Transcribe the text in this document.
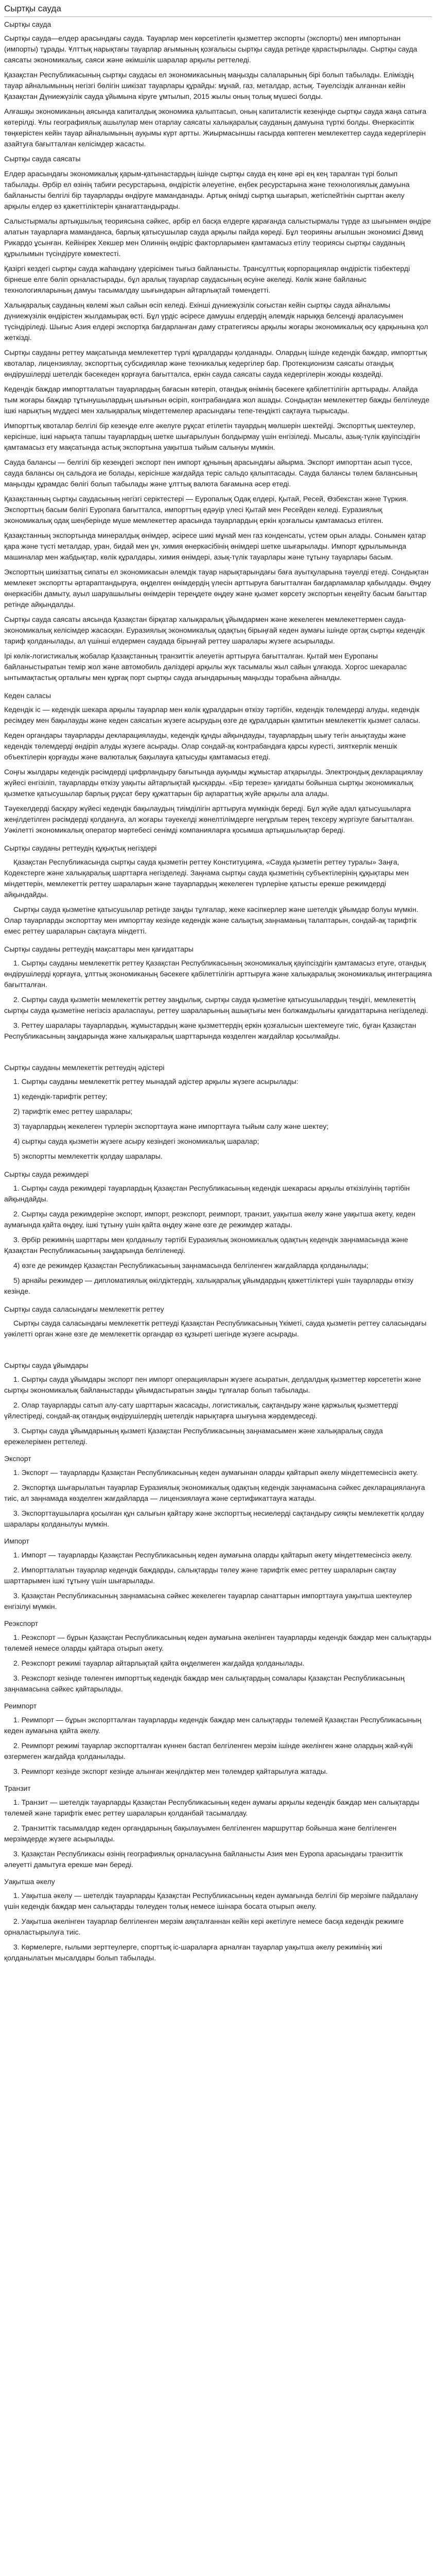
Сыртқы сауда
Сыртқы сауда

Сыртқы сауда—елдер арасындағы сауда. Тауарлар мен көрсетілетін қызметтер экспорты (экспорты) мен импортынан (импорты) тұрады. Ұлттық нарықтағы тауарлар ағымының қозғалысы сыртқы сауда ретінде қарастырылады. Сыртқы сауда саясаты экономикалық, саяси және әкімшілік шаралар арқылы реттеледі.

Қазақстан Республикасының сыртқы саудасы ел экономикасының маңызды салаларының бірі болып табылады. Еліміздің тауар айналымының негізгі бөлігін шикізат тауарлары құрайды: мұнай, газ, металдар, астық. Тәуелсіздік алғаннан кейін Қазақстан Дүниежүзілік сауда ұйымына кіруге ұмтылып, 2015 жылы оның толық мүшесі болды.

Алғашқы экономиканың аясында капиталдық экономика қалыптасып, оның капиталистік кезеңінде сыртқы сауда жаңа сатыға көтерілді. Ұлы географиялық ашылулар мен отарлау саясаты халықаралық сауданың дамуына түрткі болды. Өнеркәсіптік төңкерістен кейін тауар айналымының ауқымы күрт артты. Жиырмасыншы ғасырда көптеген мемлекеттер сауда кедергілерін азайтуға бағытталған келісімдер жасасты.

Сыртқы сауда саясаты

Елдер арасындағы экономикалық қарым-қатынастардың ішінде сыртқы сауда ең көне әрі ең кең таралған түрі болып табылады. Әрбір ел өзінің табиғи ресурстарына, өндірістік әлеуетіне, еңбек ресурстарына және технологиялық дамуына байланысты белгілі бір тауарларды өндіруге маманданады. Артық өнімді сыртқа шығарып, жетіспейтінін сырттан әкелу арқылы елдер өз қажеттіліктерін қанағаттандырады.

Салыстырмалы артықшылық теориясына сәйкес, әрбір ел басқа елдерге қарағанда салыстырмалы түрде аз шығынмен өндіре алатын тауарларға маманданса, барлық қатысушылар сауда арқылы пайда көреді. Бұл теорияны ағылшын экономисі Дэвид Рикардо ұсынған. Кейінірек Хекшер мен Олиннің өндіріс факторларымен қамтамасыз етілу теориясы сыртқы сауданың құрылымын түсіндіруге көмектесті.

Қазіргі кездегі сыртқы сауда жаһандану үдерісімен тығыз байланысты. Трансұлттық корпорациялар өндірістік тізбектерді бірнеше елге бөліп орналастырады, бұл аралық тауарлар саудасының өсуіне әкеледі. Көлік және байланыс технологияларының дамуы тасымалдау шығындарын айтарлықтай төмендетті.

Халықаралық сауданың көлемі жыл сайын өсіп келеді. Екінші дүниежүзілік соғыстан кейін сыртқы сауда айналымы дүниежүзілік өндірістен жылдамырақ өсті. Бұл үрдіс әсіресе дамушы елдердің әлемдік нарыққа белсенді араласуымен түсіндіріледі. Шығыс Азия елдері экспортқа бағдарланған даму стратегиясы арқылы жоғары экономикалық өсу қарқынына қол жеткізді.

Сыртқы сауданы реттеу мақсатында мемлекеттер түрлі құралдарды қолданады. Олардың ішінде кедендік баждар, импорттық квоталар, лицензиялау, экспорттық субсидиялар және техникалық кедергілер бар. Протекционизм саясаты отандық өндірушілерді шетелдік бәсекеден қорғауға бағытталса, еркін сауда саясаты сауда кедергілерін жоюды көздейді.

Кедендік баждар импортталатын тауарлардың бағасын көтеріп, отандық өнімнің бәсекеге қабілеттілігін арттырады. Алайда тым жоғары баждар тұтынушылардың шығынын өсіріп, контрабандаға жол ашады. Сондықтан мемлекеттер бажды белгілеуде ішкі нарықтың мүддесі мен халықаралық міндеттемелер арасындағы тепе-теңдікті сақтауға тырысады.

Импорттық квоталар белгілі бір кезеңде елге әкелуге рұқсат етілетін тауардың мөлшерін шектейді. Экспорттық шектеулер, керісінше, ішкі нарықта тапшы тауарлардың шетке шығарылуын болдырмау үшін енгізіледі. Мысалы, азық-түлік қауіпсіздігін қамтамасыз ету мақсатында астық экспортына уақытша тыйым салынуы мүмкін.

Сауда балансы — белгілі бір кезеңдегі экспорт пен импорт құнының арасындағы айырма. Экспорт импорттан асып түссе, сауда балансы оң сальдоға ие болады, керісінше жағдайда теріс сальдо қалыптасады. Сауда балансы төлем балансының маңызды құрамдас бөлігі болып табылады және ұлттық валюта бағамына әсер етеді.

Қазақстанның сыртқы саудасының негізгі серіктестері — Еуропалық Одақ елдері, Қытай, Ресей, Өзбекстан және Түркия. Экспорттың басым бөлігі Еуропаға бағытталса, импорттың едәуір үлесі Қытай мен Ресейден келеді. Еуразиялық экономикалық одақ шеңберінде мүше мемлекеттер арасында тауарлардың еркін қозғалысы қамтамасыз етілген.

Қазақстанның экспортында минералдық өнімдер, әсіресе шикі мұнай мен газ конденсаты, үстем орын алады. Сонымен қатар қара және түсті металдар, уран, бидай мен ұн, химия өнеркәсібінің өнімдері шетке шығарылады. Импорт құрылымында машиналар мен жабдықтар, көлік құралдары, химия өнімдері, азық-түлік тауарлары және тұтыну тауарлары басым.

Экспорттың шикізаттық сипаты ел экономикасын әлемдік тауар нарықтарындағы баға ауытқуларына тәуелді етеді. Сондықтан мемлекет экспортты әртараптандыруға, өңделген өнімдердің үлесін арттыруға бағытталған бағдарламалар қабылдады. Өңдеу өнеркәсібін дамыту, ауыл шаруашылығы өнімдерін тереңдете өңдеу және қызмет көрсету экспортын кеңейту басым бағыттар ретінде айқындалды.

Сыртқы сауда саясаты аясында Қазақстан бірқатар халықаралық ұйымдармен және жекелеген мемлекеттермен сауда-экономикалық келісімдер жасасқан. Еуразиялық экономикалық одақтың бірыңғай кеден аумағы ішінде ортақ сыртқы кедендік тариф қолданылады, ал үшінші елдермен саудада бірыңғай реттеу шаралары жүзеге асырылады.

Ірі көлік-логистикалық жобалар Қазақстанның транзиттік әлеуетін арттыруға бағытталған. Қытай мен Еуропаны байланыстыратын темір жол және автомобиль дәліздері арқылы жүк тасымалы жыл сайын ұлғаюда. Хоргос шекаралас ынтымақтастық орталығы мен құрғақ порт сыртқы сауда ағындарының маңызды торабына айналды.

Кеден саласы

Кедендік іс — кедендік шекара арқылы тауарлар мен көлік құралдарын өткізу тәртібін, кедендік төлемдерді алуды, кедендік ресімдеу мен бақылауды және кеден саясатын жүзеге асырудың өзге де құралдарын қамтитын мемлекеттік қызмет саласы.

Кеден органдары тауарларды декларациялауды, кедендік құнды айқындауды, тауарлардың шығу тегін анықтауды және кедендік төлемдерді өндіріп алуды жүзеге асырады. Олар сондай-ақ контрабандаға қарсы күресті, зияткерлік меншік объектілерін қорғауды және валюталық бақылауға қатысуды қамтамасыз етеді.

Соңғы жылдары кедендік рәсімдерді цифрландыру бағытында ауқымды жұмыстар атқарылды. Электрондық декларациялау жүйесі енгізіліп, тауарларды өткізу уақыты айтарлықтай қысқарды. «Бір терезе» қағидаты бойынша сыртқы экономикалық қызметке қатысушылар барлық рұқсат беру құжаттарын бір ақпараттық жүйе арқылы ала алады.

Тәуекелдерді басқару жүйесі кедендік бақылаудың тиімділігін арттыруға мүмкіндік береді. Бұл жүйе адал қатысушыларға жеңілдетілген рәсімдерді қолдануға, ал жоғары тәуекелді жөнелтілімдерге неғұрлым терең тексеру жүргізуге бағытталған. Уәкілетті экономикалық оператор мәртебесі сенімді компанияларға қосымша артықшылықтар береді.

Сыртқы сауданы реттеудің құқықтық негіздері

Қазақстан Республикасында сыртқы сауда қызметін реттеу Конституцияға, «Сауда қызметін реттеу туралы» Заңға, Кодекстерге және халықаралық шарттарға негізделеді. Заңнама сыртқы сауда қызметінің субъектілерінің құқықтары мен міндеттерін, мемлекеттік реттеу шараларын және тауарлардың жекелеген түрлеріне қатысты ерекше режимдерді айқындайды.

Сыртқы сауда қызметіне қатысушылар ретінде заңды тұлғалар, жеке кәсіпкерлер және шетелдік ұйымдар болуы мүмкін. Олар тауарларды экспорттау мен импорттау кезінде кедендік және салықтық заңнаманың талаптарын, сондай-ақ тарифтік емес реттеу шараларын сақтауға міндетті.

Сыртқы сауданы реттеудің мақсаттары мен қағидаттары

1. Сыртқы сауданы мемлекеттік реттеу Қазақстан Республикасының экономикалық қауіпсіздігін қамтамасыз етуге, отандық өндірушілерді қорғауға, ұлттық экономиканың бәсекеге қабілеттілігін арттыруға және халықаралық экономикалық интеграцияға бағытталған.

2. Сыртқы сауда қызметін мемлекеттік реттеу заңдылық, сыртқы сауда қызметіне қатысушылардың теңдігі, мемлекеттің сыртқы сауда қызметіне негізсіз араласпауы, реттеу шараларының ашықтығы мен болжамдылығы қағидаттарына негізделеді.

3. Реттеу шаралары тауарлардың, жұмыстардың және қызметтердің еркін қозғалысын шектемеуге тиіс, бұған Қазақстан Республикасының заңдарында және халықаралық шарттарында көзделген жағдайлар қосылмайды.

Сыртқы сауданы мемлекеттік реттеудің әдістері

1. Сыртқы сауданы мемлекеттік реттеу мынадай әдістер арқылы жүзеге асырылады:

1) кедендік-тарифтік реттеу;

2) тарифтік емес реттеу шаралары;

3) тауарлардың жекелеген түрлерін экспорттауға және импорттауға тыйым салу және шектеу;

4) сыртқы сауда қызметін жүзеге асыру кезіндегі экономикалық шаралар;

5) экспортты мемлекеттік қолдау шаралары.

Сыртқы сауда режимдері

1. Сыртқы сауда режимдері тауарлардың Қазақстан Республикасының кедендік шекарасы арқылы өткізілуінің тәртібін айқындайды.

2. Сыртқы сауда режимдеріне экспорт, импорт, реэкспорт, реимпорт, транзит, уақытша әкелу және уақытша әкету, кеден аумағында қайта өңдеу, ішкі тұтыну үшін қайта өңдеу және өзге де режимдер жатады.

3. Әрбір режимнің шарттары мен қолданылу тәртібі Еуразиялық экономикалық одақтың кедендік заңнамасында және Қазақстан Республикасының заңдарында белгіленеді.

4) өзге де режимдер Қазақстан Республикасының заңнамасында белгіленген жағдайларда қолданылады;

5) арнайы режимдер — дипломатиялық өкілдіктердің, халықаралық ұйымдардың қажеттіліктері үшін тауарларды өткізу кезінде.

Сыртқы сауда саласындағы мемлекеттік реттеу

Сыртқы сауда саласындағы мемлекеттік реттеуді Қазақстан Республикасының Үкіметі, сауда қызметін реттеу саласындағы уәкілетті орган және өзге де мемлекеттік органдар өз құзыреті шегінде жүзеге асырады.

Сыртқы сауда ұйымдары

1. Сыртқы сауда ұйымдары экспорт пен импорт операцияларын жүзеге асыратын, делдалдық қызметтер көрсететін және сыртқы экономикалық байланыстарды ұйымдастыратын заңды тұлғалар болып табылады.

2. Олар тауарларды сатып алу-сату шарттарын жасасады, логистикалық, сақтандыру және қаржылық қызметтерді үйлестіреді, сондай-ақ отандық өндірушілердің шетелдік нарықтарға шығуына жәрдемдеседі.

3. Сыртқы сауда ұйымдарының қызметі Қазақстан Республикасының заңнамасымен және халықаралық сауда ережелерімен реттеледі.

Экспорт

1. Экспорт — тауарларды Қазақстан Республикасының кеден аумағынан оларды қайтарып әкелу міндеттемесінсіз әкету.

2. Экспортқа шығарылатын тауарлар Еуразиялық экономикалық одақтың кедендік заңнамасына сәйкес декларациялануға тиіс, ал заңнамада көзделген жағдайларда — лицензиялауға және сертификаттауға жатады.

3. Экспорттаушыларға қосылған құн салығын қайтару және экспорттық несиелерді сақтандыру сияқты мемлекеттік қолдау шаралары қолданылуы мүмкін.

Импорт

1. Импорт — тауарларды Қазақстан Республикасының кеден аумағына оларды қайтарып әкету міндеттемесінсіз әкелу.

2. Импортталатын тауарлар кедендік баждарды, салықтарды төлеу және тарифтік емес реттеу шараларын сақтау шарттарымен ішкі тұтыну үшін шығарылады.

3. Қазақстан Республикасының заңнамасына сәйкес жекелеген тауарлар санаттарын импорттауға уақытша шектеулер енгізілуі мүмкін.

Реэкспорт

1. Реэкспорт — бұрын Қазақстан Республикасының кеден аумағына әкелінген тауарларды кедендік баждар мен салықтарды төлемей немесе оларды қайтара отырып әкету.

2. Реэкспорт режимі тауарлар айтарлықтай қайта өңделмеген жағдайда қолданылады.

3. Реэкспорт кезінде төленген импорттық кедендік баждар мен салықтардың сомалары Қазақстан Республикасының заңнамасына сәйкес қайтарылады.

Реимпорт

1. Реимпорт — бұрын экспортталған тауарларды кедендік баждар мен салықтарды төлемей Қазақстан Республикасының кеден аумағына қайта әкелу.

2. Реимпорт режимі тауарлар экспортталған күннен бастап белгіленген мерзім ішінде әкелінген және олардың жай-күйі өзгермеген жағдайда қолданылады.

3. Реимпорт кезінде экспорт кезінде алынған жеңілдіктер мен төлемдер қайтарылуға жатады.

Транзит

1. Транзит — шетелдік тауарларды Қазақстан Республикасының кеден аумағы арқылы кедендік баждар мен салықтарды төлемей және тарифтік емес реттеу шараларын қолданбай тасымалдау.

2. Транзиттік тасымалдар кеден органдарының бақылауымен белгіленген маршруттар бойынша және белгіленген мерзімдерде жүзеге асырылады.

3. Қазақстан Республикасы өзінің географиялық орналасуына байланысты Азия мен Еуропа арасындағы транзиттік әлеуетті дамытуға ерекше мән береді.

Уақытша әкелу

1. Уақытша әкелу — шетелдік тауарларды Қазақстан Республикасының кеден аумағында белгілі бір мерзімге пайдалану үшін кедендік баждар мен салықтарды төлеуден толық немесе ішінара босата отырып әкелу.

2. Уақытша әкелінген тауарлар белгіленген мерзім аяқталғаннан кейін кері әкетілуге немесе басқа кедендік режимге орналастырылуға тиіс.

3. Көрмелерге, ғылыми зерттеулерге, спорттық іс-шараларға арналған тауарлар уақытша әкелу режимінің жиі қолданылатын мысалдары болып табылады.
